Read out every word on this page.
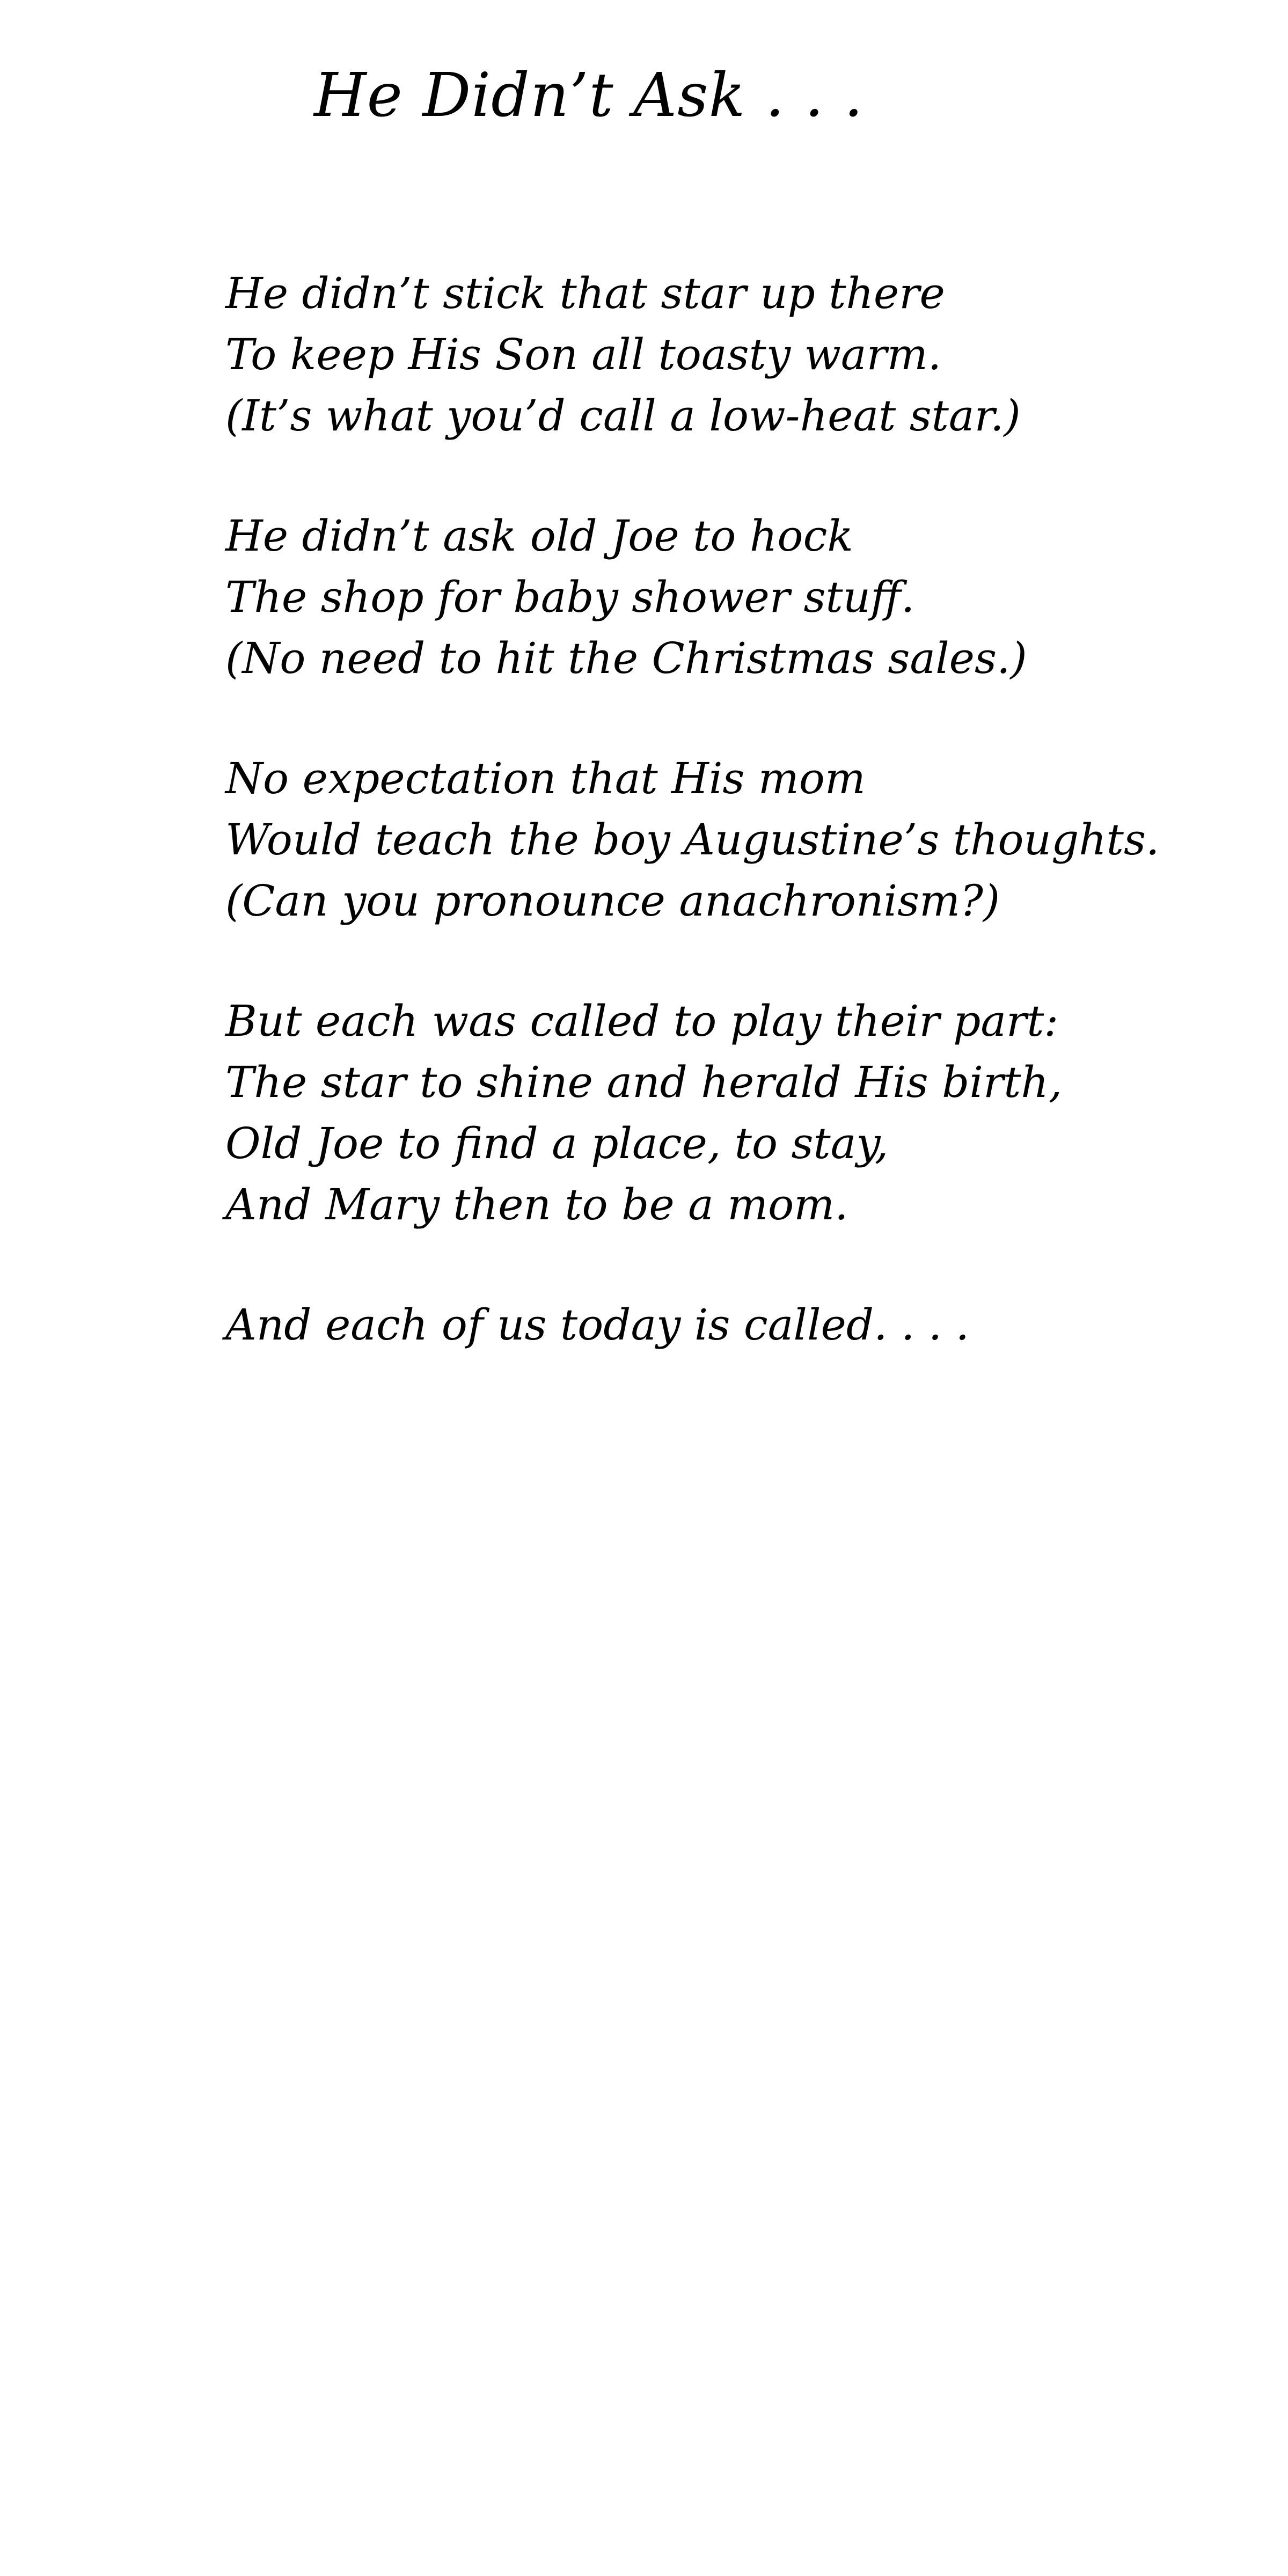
He Didn’t Ask . . .
He didn’t stick that star up there
To keep His Son all toasty warm.
(It’s what you’d call a low-heat star.)
He didn’t ask old Joe to hock
The shop for baby shower stuff.
(No need to hit the Christmas sales.)
No expectation that His mom
Would teach the boy Augustine’s thoughts.
(Can you pronounce anachronism?)
But each was called to play their part:
The star to shine and herald His birth,
Old Joe to find a place, to stay,
And Mary then to be a mom.
And each of us today is called. . . .
